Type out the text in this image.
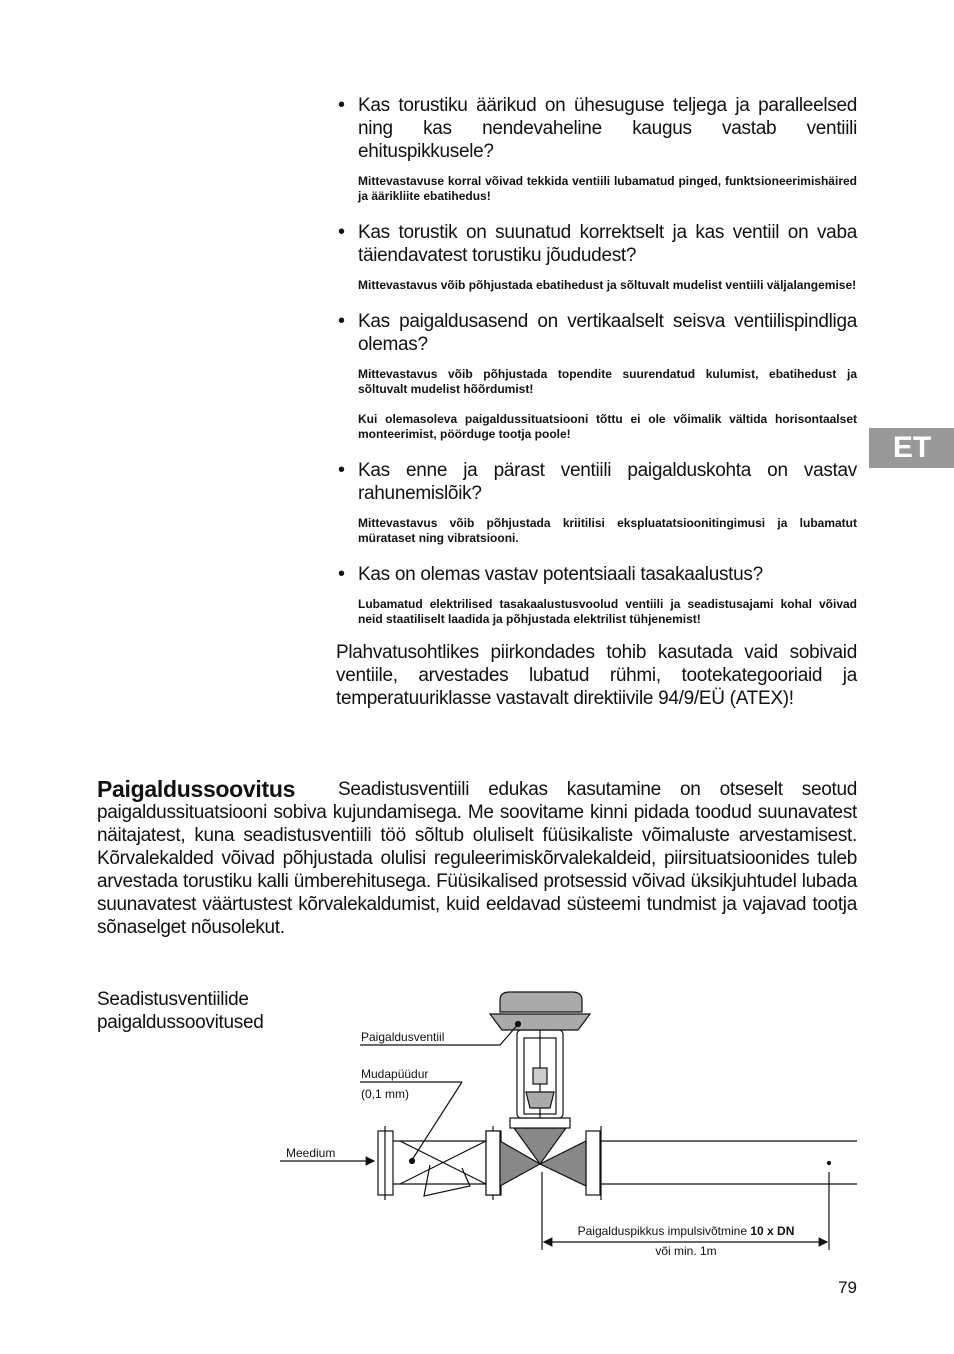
• Kas torustiku äärikud on ühesuguse teljega ja paralleelsed ning kas nendevaheline kaugus vastab ventiili ehituspikkusele?
Mittevastavuse korral võivad tekkida ventiili lubamatud pinged, funktsioneerimishäired ja äärikliite ebatihedus!
• Kas torustik on suunatud korrektselt ja kas ventiil on vaba täiendavatest torustiku jõududest?
Mittevastavus võib põhjustada ebatihedust ja sõltuvalt mudelist ventiili väljalangemise!
• Kas paigaldusasend on vertikaalselt seisva ventiilispindliga olemas?
Mittevastavus võib põhjustada topendite suurendatud kulumist, ebatihedust ja sõltuvalt mudelist hõõrdumist!
Kui olemasoleva paigaldussituatsiooni tõttu ei ole võimalik vältida horisontaalset monteerimist, pöörduge tootja poole!
• Kas enne ja pärast ventiili paigalduskohta on vastav rahunemislõik?
Mittevastavus võib põhjustada kriitilisi ekspluatatsioonitingimusi ja lubamatut mürataset ning vibratsiooni.
• Kas on olemas vastav potentsiaali tasakaalustus?
Lubamatud elektrilised tasakaalustusvoolud ventiili ja seadistusajami kohal võivad neid staatiliselt laadida ja põhjustada elektrilist tühjenemist!
Plahvatusohtlikes piirkondades tohib kasutada vaid sobivaid ventiile, arvestades lubatud rühmi, tootekategooriaid ja temperatuuriklasse vastavalt direktiivile 94/9/EÜ (ATEX)!
Paigaldussoovitus	Seadistusventiili edukas kasutamine on otseselt seotud paigaldussituatsiooni sobiva kujundamisega. Me soovitame kinni pidada toodud suunavatest näitajatest, kuna seadistusventiili töö sõltub oluliselt füüsikaliste võimaluste arvestamisest. Kõrvalekalded võivad põhjustada olulisi reguleerimiskõrvalekaldeid, piirsituatsioonides tuleb arvestada torustiku kalli ümberehitusega. Füüsikalised protsessid võivad üksikjuhtudel lubada suunavatest väärtustest kõrvalekaldumist, kuid eeldavad süsteemi tundmist ja vajavad tootja sõnaselget nõusolekut.
Seadistusventiilide paigaldussoovitused
ET
79
Paigaldusventiil
Mudapüüdur
(0,1 mm)
Meedium
Paigalduspikkus impulsivõtmine 10 x DN
või min. 1m
